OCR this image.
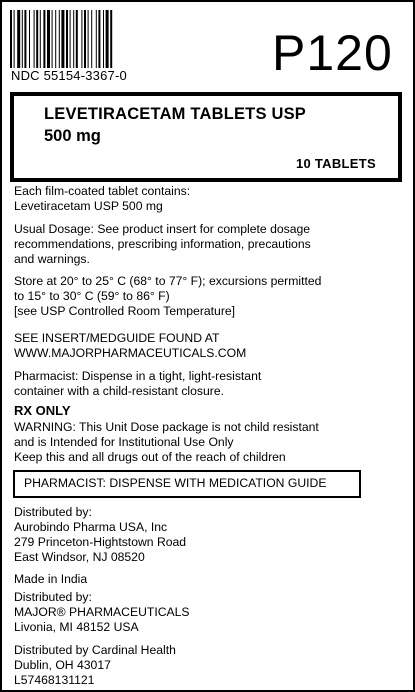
NDC 55154-3367-0	P120
LEVETIRACETAM TABLETS USP
500 mg
10 TABLETS
Each film-coated tablet contains:
Levetiracetam USP 500 mg
Usual Dosage: See product insert for complete dosage
recommendations, prescribing information, precautions
and warnings.
Store at 20° to 25° C (68° to 77° F); excursions permitted
to 15° to 30° C (59° to 86° F)
[see USP Controlled Room Temperature]
SEE INSERT/MEDGUIDE FOUND AT
WWW.MAJORPHARMACEUTICALS.COM
Pharmacist: Dispense in a tight, light-resistant
container with a child-resistant closure.
RX ONLY
WARNING: This Unit Dose package is not child resistant
and is Intended for Institutional Use Only
Keep this and all drugs out of the reach of children
PHARMACIST: DISPENSE WITH MEDICATION GUIDE
Distributed by:
Aurobindo Pharma USA, Inc
279 Princeton-Hightstown Road
East Windsor, NJ 08520
Made in India
Distributed by:
MAJOR® PHARMACEUTICALS
Livonia, MI 48152 USA
Distributed by Cardinal Health
Dublin, OH 43017
L57468131121
